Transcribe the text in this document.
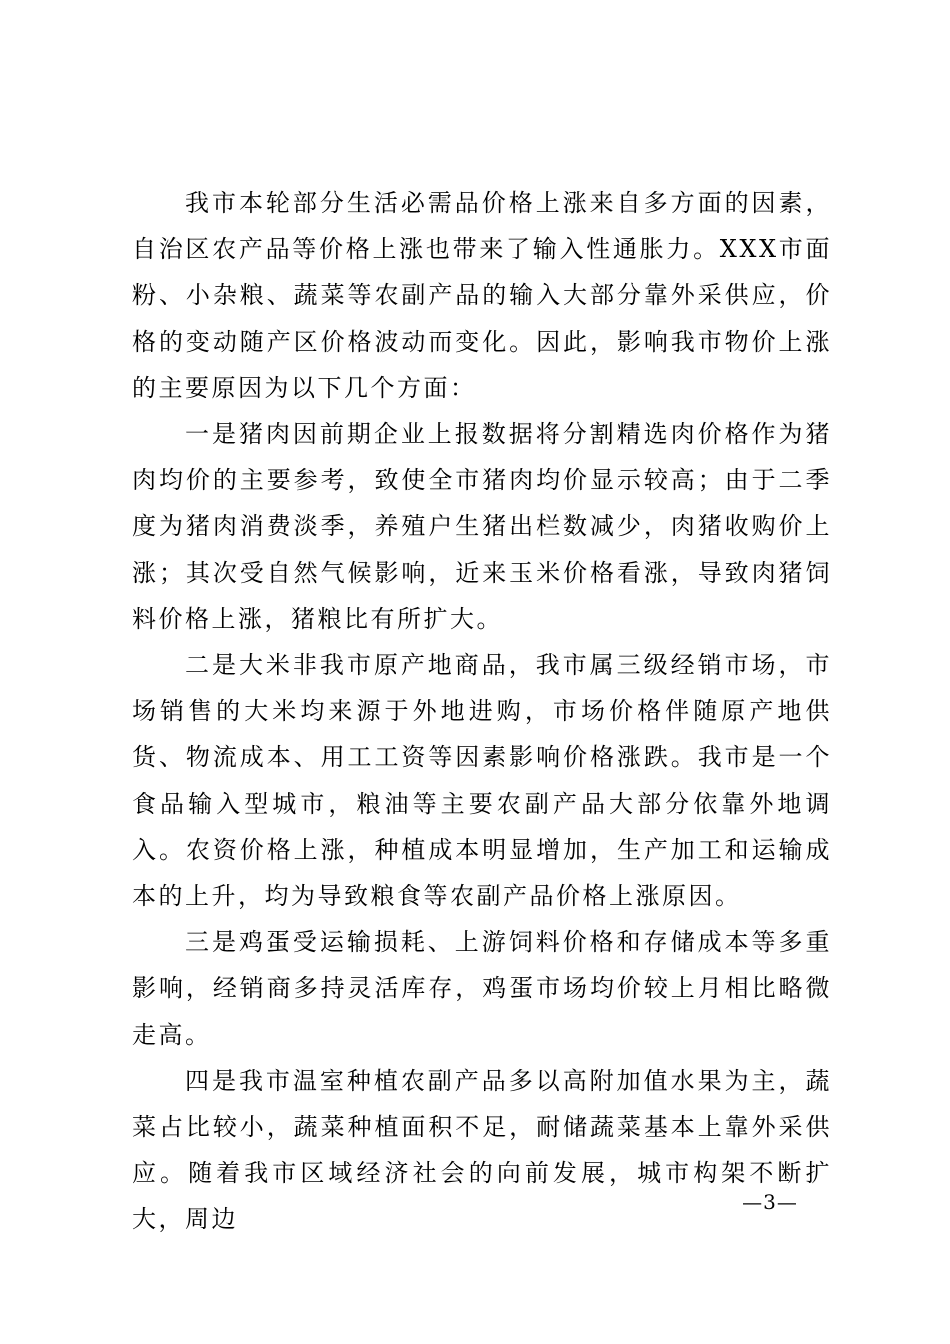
我市本轮部分生活必需品价格上涨来自多方面的因素，自治区农产品等价格上涨也带来了输入性通胀力。XXX市面粉、小杂粮、蔬菜等农副产品的输入大部分靠外采供应，价格的变动随产区价格波动而变化。因此，影响我市物价上涨的主要原因为以下几个方面：

一是猪肉因前期企业上报数据将分割精选肉价格作为猪肉均价的主要参考，致使全市猪肉均价显示较高；由于二季度为猪肉消费淡季，养殖户生猪出栏数减少，肉猪收购价上涨；其次受自然气候影响，近来玉米价格看涨，导致肉猪饲料价格上涨，猪粮比有所扩大。

二是大米非我市原产地商品，我市属三级经销市场，市场销售的大米均来源于外地进购，市场价格伴随原产地供货、物流成本、用工工资等因素影响价格涨跌。我市是一个食品输入型城市，粮油等主要农副产品大部分依靠外地调入。农资价格上涨，种植成本明显增加，生产加工和运输成本的上升，均为导致粮食等农副产品价格上涨原因。

三是鸡蛋受运输损耗、上游饲料价格和存储成本等多重影响，经销商多持灵活库存，鸡蛋市场均价较上月相比略微走高。

四是我市温室种植农副产品多以高附加值水果为主，蔬菜占比较小，蔬菜种植面积不足，耐储蔬菜基本上靠外采供应。随着我市区域经济社会的向前发展，城市构架不断扩大，周边

—3—
